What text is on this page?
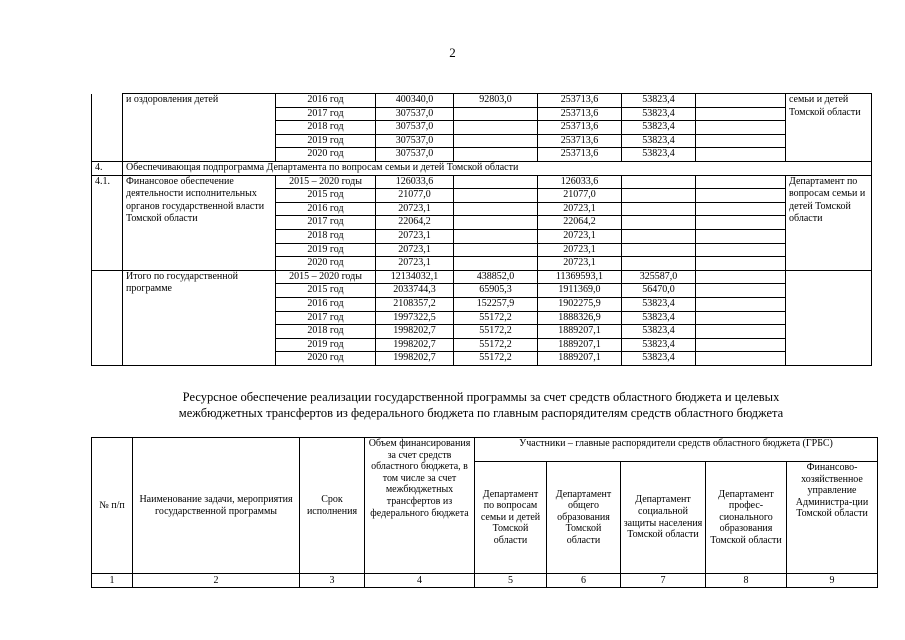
2
	и оздоровления детей	2016 год	400340,0	92803,0	253713,6	53823,4		семьи и детей Томской области
		2017 год	307537,0		253713,6	53823,4		
		2018 год	307537,0		253713,6	53823,4		
		2019 год	307537,0		253713,6	53823,4		
		2020 год	307537,0		253713,6	53823,4		
4.	Обеспечивающая подпрограмма Департамента по вопросам семьи и детей Томской области							
4.1.	Финансовое обеспечение деятельности исполнительных органов государственной власти Томской области	2015 – 2020 годы	126033,6		126033,6			Департамент по вопросам семьи и детей Томской области
		2015 год	21077,0		21077,0			
		2016 год	20723,1		20723,1			
		2017 год	22064,2		22064,2			
		2018 год	20723,1		20723,1			
		2019 год	20723,1		20723,1			
		2020 год	20723,1		20723,1			
	Итого по государственной программе	2015 – 2020 годы	12134032,1	438852,0	11369593,1	325587,0		
		2015 год	2033744,3	65905,3	1911369,0	56470,0		
		2016 год	2108357,2	152257,9	1902275,9	53823,4		
		2017 год	1997322,5	55172,2	1888326,9	53823,4		
		2018 год	1998202,7	55172,2	1889207,1	53823,4		
		2019 год	1998202,7	55172,2	1889207,1	53823,4		
		2020 год	1998202,7	55172,2	1889207,1	53823,4		
Ресурсное обеспечение реализации государственной программы за счет средств областного бюджета и целевых
межбюджетных трансфертов из федерального бюджета по главным распорядителям средств областного бюджета
№ п/п	Наименование задачи, мероприятия государственной программы	Срок исполнения	Объем финансирования за счет средств областного бюджета, в том числе за счет межбюджетных трансфертов из федерального бюджета	Участники – главные распорядители средств областного бюджета (ГРБС)				
				Департамент по вопросам семьи и детей Томской области	Департамент общего образования Томской области	Департамент социальной защиты населения Томской области	Департамент профес-сионального образования Томской области	Финансово-хозяйственное управление Администра-ции Томской области
1	2	3	4	5	6	7	8	9
